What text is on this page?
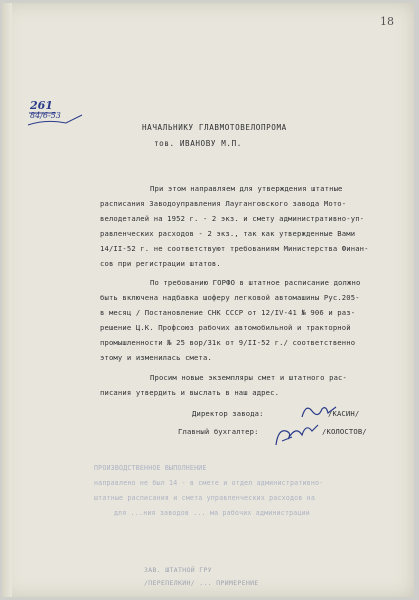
18
261
84/6-53
НАЧАЛЬНИКУ ГЛАВМОТОВЕЛОПРОМА
тов. ИВАНОВУ М.П.
При этом направляем для утверждения штатные
расписания Заводоуправления Лауганговского завода Мото-
велодеталей на 1952 г. - 2 экз. и смету административно-уп-
равленческих расходов - 2 экз., так как утвержденные Вами
14/II-52 г. не соответствуют требованиям Министерства Финан-
сов при регистрации штатов.
По требованию ГОРФО в штатное расписание должно
быть включена надбавка шоферу легковой автомашины Рус.205-
в месяц / Постановление СНК СССР от 12/IV-41 № 906 и раз-
решение Ц.К. Профсоюз рабочих автомобильной и тракторной
промышленности № 25 вор/31к от 9/II-52 г./ соответственно
этому и изменилась смета.
Просим новые экземпляры смет и штатного рас-
писания утвердить и выслать в наш адрес.
Директор завода:	/КАСИН/
Главный бухгалтер:	/КОЛОСТОВ/
ПРОИЗВОДСТВЕННОЕ ВЫПОЛНЕНИЕ
направлено не был 14 - в смете и отдел административно-
штатные расписания и смета управленческих расходов на
для ...ния заводов ... ма рабочих администрации
ЗАВ. ШТАТНОЙ ГРУ
/ПЕРЕПЕЛКИН/ ... ПРИМЕРЕНИЕ
